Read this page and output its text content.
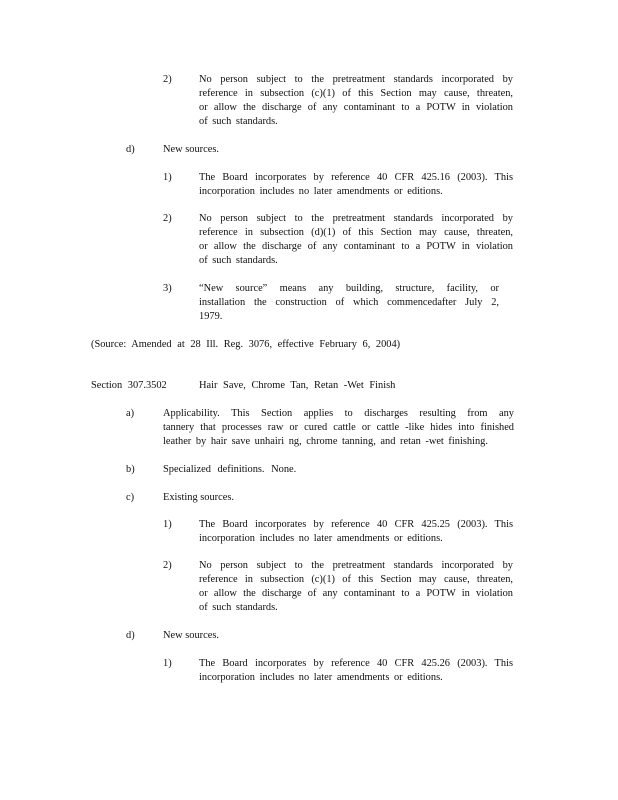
2)	No person subject to the pretreatment standards incorporated by
reference in subsection (c)(1) of this Section may cause, threaten,
or allow the discharge of any contaminant to a POTW in violation
of such standards.
d)	New sources.
1)	The Board incorporates by reference 40 CFR 425.16 (2003). This
incorporation includes no later amendments or editions.
2)	No person subject to the pretreatment standards incorporated by
reference in subsection (d)(1) of this Section may cause, threaten,
or allow the discharge of any contaminant to a POTW in violation
of such standards.
3)	“New source” means any building, structure, facility, or
installation the construction of which commencedafter July 2,
1979.
(Source: Amended at 28 Ill. Reg. 3076, effective February 6, 2004)
Section 307.3502	Hair Save, Chrome Tan, Retan -Wet Finish
a)	Applicability. This Section applies to discharges resulting from any
tannery that processes raw or cured cattle or cattle -like hides into finished
leather by hair save unhairi ng, chrome tanning, and retan -wet finishing.
b)	Specialized definitions. None.
c)	Existing sources.
1)	The Board incorporates by reference 40 CFR 425.25 (2003). This
incorporation includes no later amendments or editions.
2)	No person subject to the pretreatment standards incorporated by
reference in subsection (c)(1) of this Section may cause, threaten,
or allow the discharge of any contaminant to a POTW in violation
of such standards.
d)	New sources.
1)	The Board incorporates by reference 40 CFR 425.26 (2003). This
incorporation includes no later amendments or editions.
